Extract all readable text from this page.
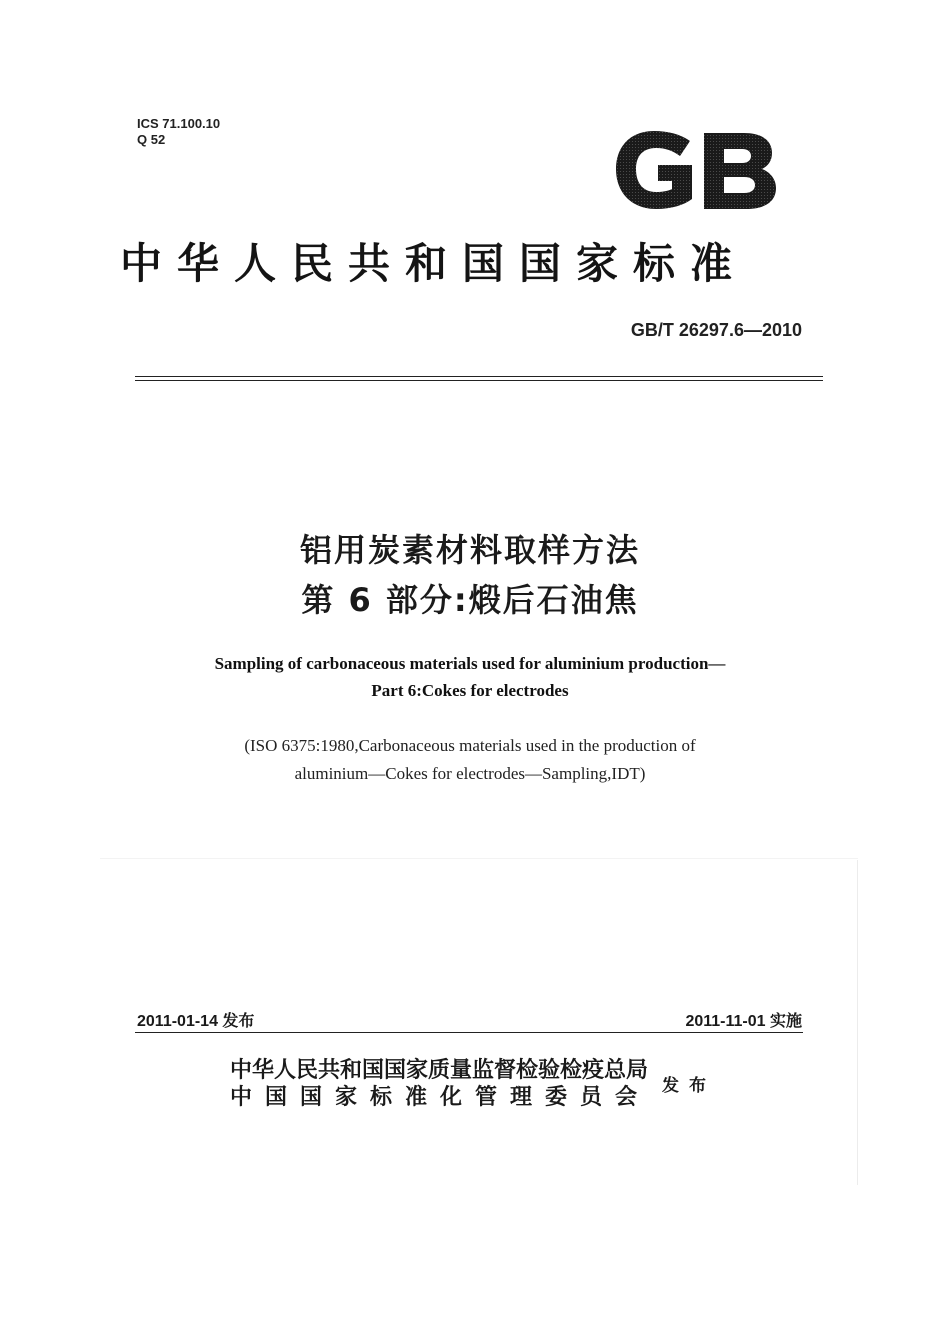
ICS 71.100.10
Q 52
中华人民共和国国家标准
GB/T 26297.6—2010
铝用炭素材料取样方法
第 6 部分:煅后石油焦
Sampling of carbonaceous materials used for aluminium production—
Part 6:Cokes for electrodes
(ISO 6375:1980,Carbonaceous materials used in the production of
aluminium—Cokes for electrodes—Sampling,IDT)
2011-01-14 发布	2011-11-01 实施
中华人民共和国国家质量监督检验检疫总局
中国国家标准化管理委员会 发布
